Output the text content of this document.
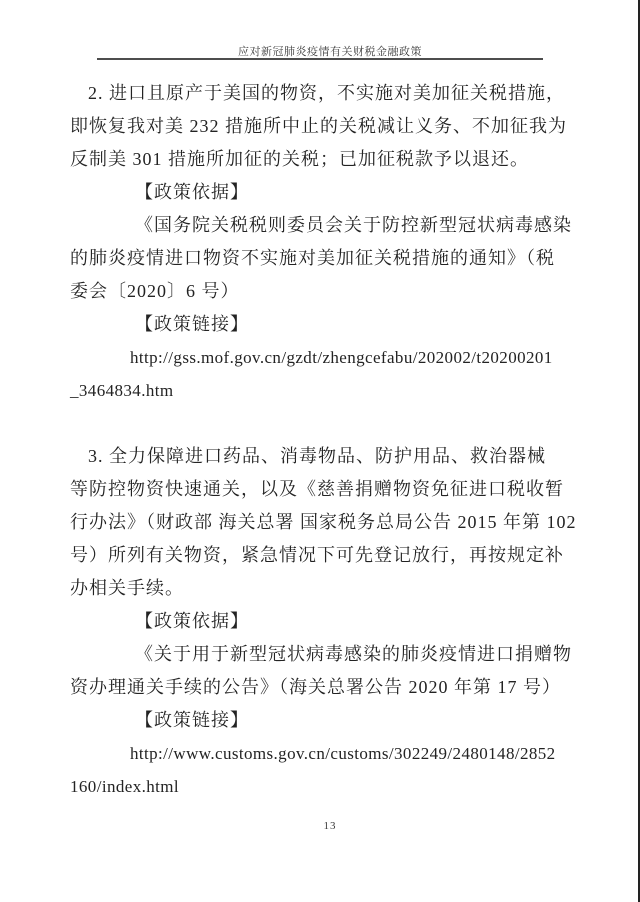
应对新冠肺炎疫情有关财税金融政策
2. 进口且原产于美国的物资，不实施对美加征关税措施，
即恢复我对美 232 措施所中止的关税减让义务、不加征我为
反制美 301 措施所加征的关税；已加征税款予以退还。
【政策依据】
《国务院关税税则委员会关于防控新型冠状病毒感染
的肺炎疫情进口物资不实施对美加征关税措施的通知》（税
委会〔2020〕6 号）
【政策链接】
http://gss.mof.gov.cn/gzdt/zhengcefabu/202002/t20200201
_3464834.htm
3. 全力保障进口药品、消毒物品、防护用品、救治器械
等防控物资快速通关，以及《慈善捐赠物资免征进口税收暂
行办法》（财政部 海关总署 国家税务总局公告 2015 年第 102
号）所列有关物资，紧急情况下可先登记放行，再按规定补
办相关手续。
【政策依据】
《关于用于新型冠状病毒感染的肺炎疫情进口捐赠物
资办理通关手续的公告》（海关总署公告 2020 年第 17 号）
【政策链接】
http://www.customs.gov.cn/customs/302249/2480148/2852
160/index.html
13
